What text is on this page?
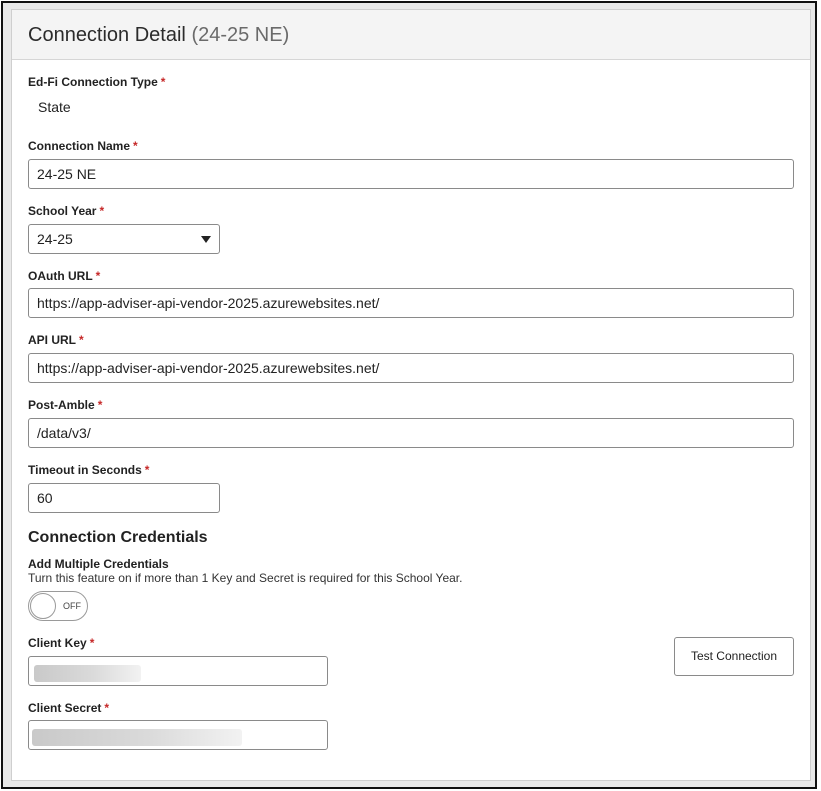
Connection Detail (24-25 NE)
Ed-Fi Connection Type *
State
Connection Name *
24-25 NE
School Year *
24-25
OAuth URL *
https://app-adviser-api-vendor-2025.azurewebsites.net/
API URL *
https://app-adviser-api-vendor-2025.azurewebsites.net/
Post-Amble *
/data/v3/
Timeout in Seconds *
60
Connection Credentials
Add Multiple Credentials
Turn this feature on if more than 1 Key and Secret is required for this School Year.
OFF
Client Key *
Client Secret *
Test Connection
